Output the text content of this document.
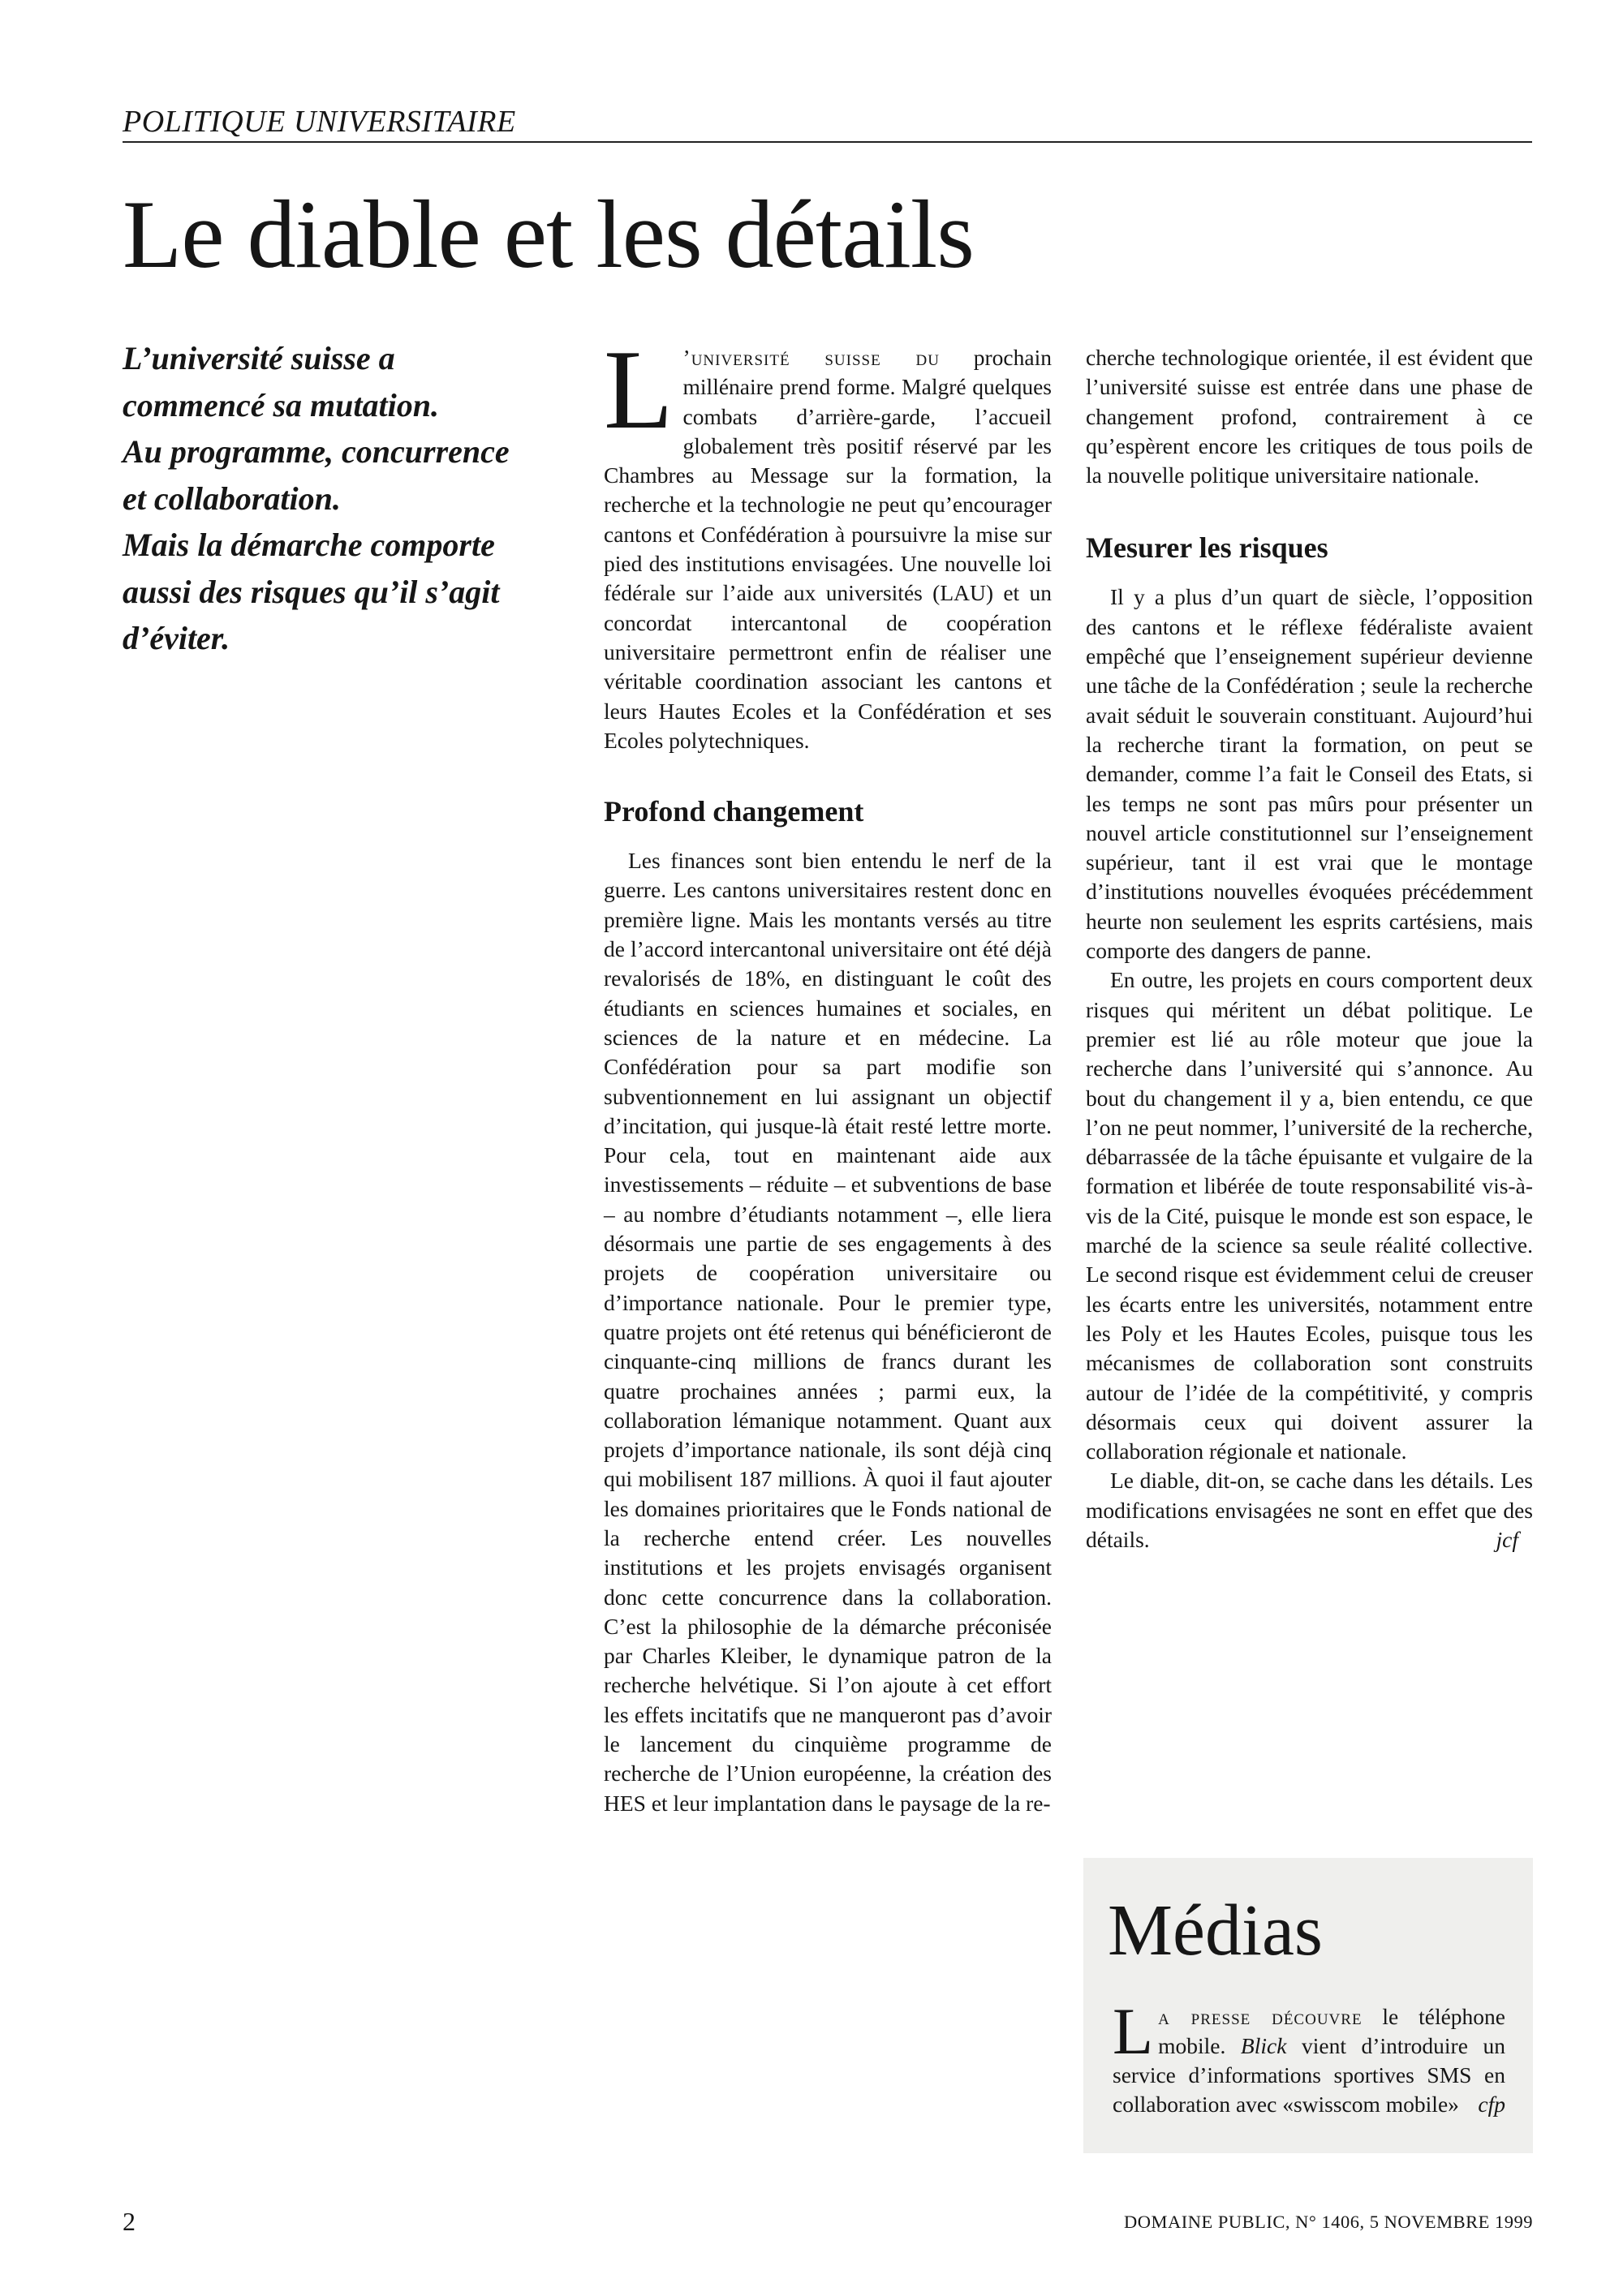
POLITIQUE UNIVERSITAIRE
Le diable et les détails
L’université suisse a
commencé sa mutation.
Au programme, concurrence
et collaboration.
Mais la démarche comporte
aussi des risques qu’il s’agit
d’éviter.

L ’université suisse du prochain millénaire prend forme. Malgré quelques combats d’arrière-garde, l’accueil globalement très positif réservé par les Chambres au Message sur la formation, la recherche et la technologie ne peut qu’encourager cantons et Confédération à poursuivre la mise sur pied des institutions envisagées. Une nouvelle loi fédérale sur l’aide aux universités (LAU) et un concordat intercantonal de coopération universitaire permettront enfin de réaliser une véritable coordination associant les cantons et leurs Hautes Ecoles et la Confédération et ses Ecoles polytechniques.

Profond changement

Les finances sont bien entendu le nerf de la guerre. Les cantons universitaires restent donc en première ligne. Mais les montants versés au titre de l’accord intercantonal universitaire ont été déjà revalorisés de 18%, en distinguant le coût des étudiants en sciences humaines et sociales, en sciences de la nature et en médecine. La Confédération pour sa part modifie son subventionnement en lui assignant un objectif d’incitation, qui jusque-là était resté lettre morte. Pour cela, tout en maintenant aide aux investissements – réduite – et subventions de base – au nombre d’étudiants notamment –, elle liera désormais une partie de ses engagements à des projets de coopération universitaire ou d’importance nationale. Pour le premier type, quatre projets ont été retenus qui bénéficieront de cinquante-cinq millions de francs durant les quatre prochaines années ; parmi eux, la collaboration lémanique notamment. Quant aux projets d’importance nationale, ils sont déjà cinq qui mobilisent 187 millions. À quoi il faut ajouter les domaines prioritaires que le Fonds national de la recherche entend créer. Les nouvelles institutions et les projets envisagés organisent donc cette concurrence dans la collaboration. C’est la philosophie de la démarche préconisée par Charles Kleiber, le dynamique patron de la recherche helvétique. Si l’on ajoute à cet effort les effets incitatifs que ne manqueront pas d’avoir le lancement du cinquième programme de recherche de l’Union européenne, la création des HES et leur implantation dans le paysage de la re-

cherche technologique orientée, il est évident que l’université suisse est entrée dans une phase de changement profond, contrairement à ce qu’espèrent encore les critiques de tous poils de la nouvelle politique universitaire nationale.

Mesurer les risques

Il y a plus d’un quart de siècle, l’opposition des cantons et le réflexe fédéraliste avaient empêché que l’enseignement supérieur devienne une tâche de la Confédération ; seule la recherche avait séduit le souverain constituant. Aujourd’hui la recherche tirant la formation, on peut se demander, comme l’a fait le Conseil des Etats, si les temps ne sont pas mûrs pour présenter un nouvel article constitutionnel sur l’enseignement supérieur, tant il est vrai que le montage d’institutions nouvelles évoquées précédemment heurte non seulement les esprits cartésiens, mais comporte des dangers de panne.

En outre, les projets en cours comportent deux risques qui méritent un débat politique. Le premier est lié au rôle moteur que joue la recherche dans l’université qui s’annonce. Au bout du changement il y a, bien entendu, ce que l’on ne peut nommer, l’université de la recherche, débarrassée de la tâche épuisante et vulgaire de la formation et libérée de toute responsabilité vis-à-vis de la Cité, puisque le monde est son espace, le marché de la science sa seule réalité collective. Le second risque est évidemment celui de creuser les écarts entre les universités, notamment entre les Poly et les Hautes Ecoles, puisque tous les mécanismes de collaboration sont construits autour de l’idée de la compétitivité, y compris désormais ceux qui doivent assurer la collaboration régionale et nationale.

Le diable, dit-on, se cache dans les détails. Les modifications envisagées ne sont en effet que des détails.	jcf

Médias

La presse découvre le téléphone mobile. Blick vient d’introduire un service d’informations sportives SMS en collaboration avec «swisscom mobile» cfp

2	DOMAINE PUBLIC, N° 1406, 5 NOVEMBRE 1999
